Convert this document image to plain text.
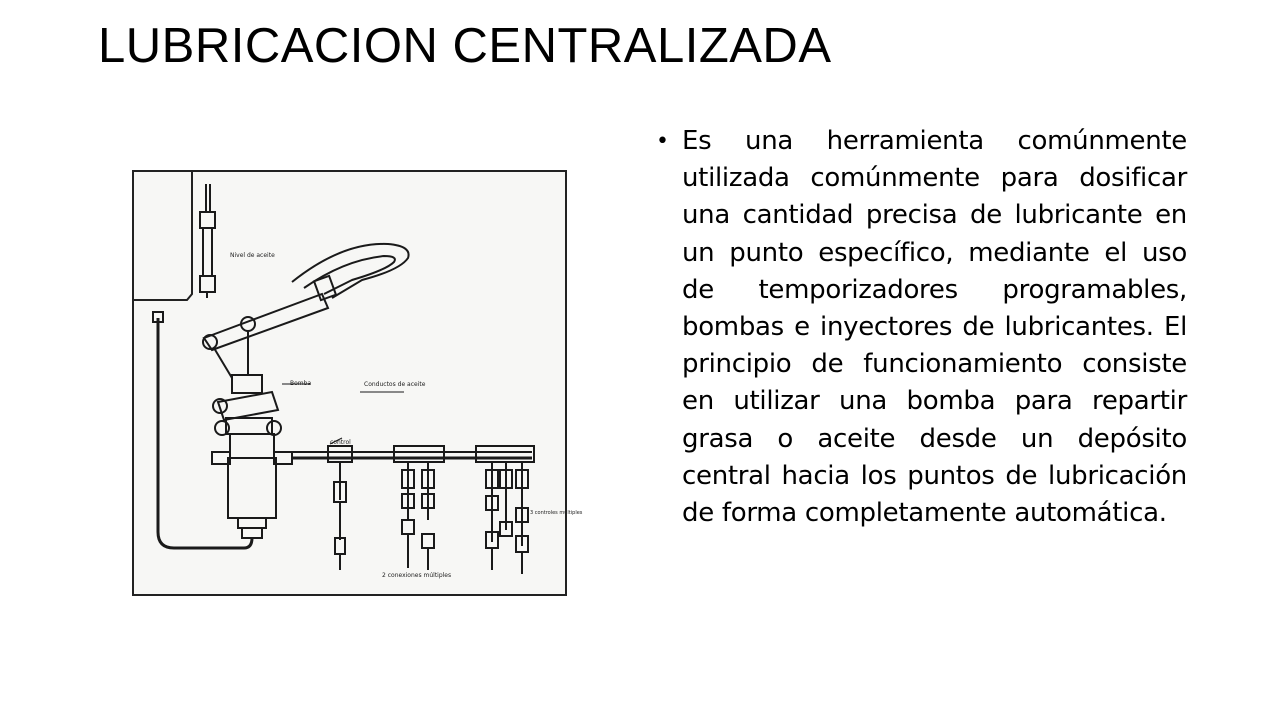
LUBRICACION CENTRALIZADA
Nivel de aceite
Bomba	Conductos de aceite
control
3 controles múltiples
2 conexiones múltiples
• Es una herramienta comúnmente utilizada comúnmente para dosificar una cantidad precisa de lubricante en un punto específico, mediante el uso de temporizadores programables, bombas e inyectores de lubricantes. El principio de funcionamiento consiste en utilizar una bomba para repartir grasa o aceite desde un depósito central hacia los puntos de lubricación de forma completamente automática.
